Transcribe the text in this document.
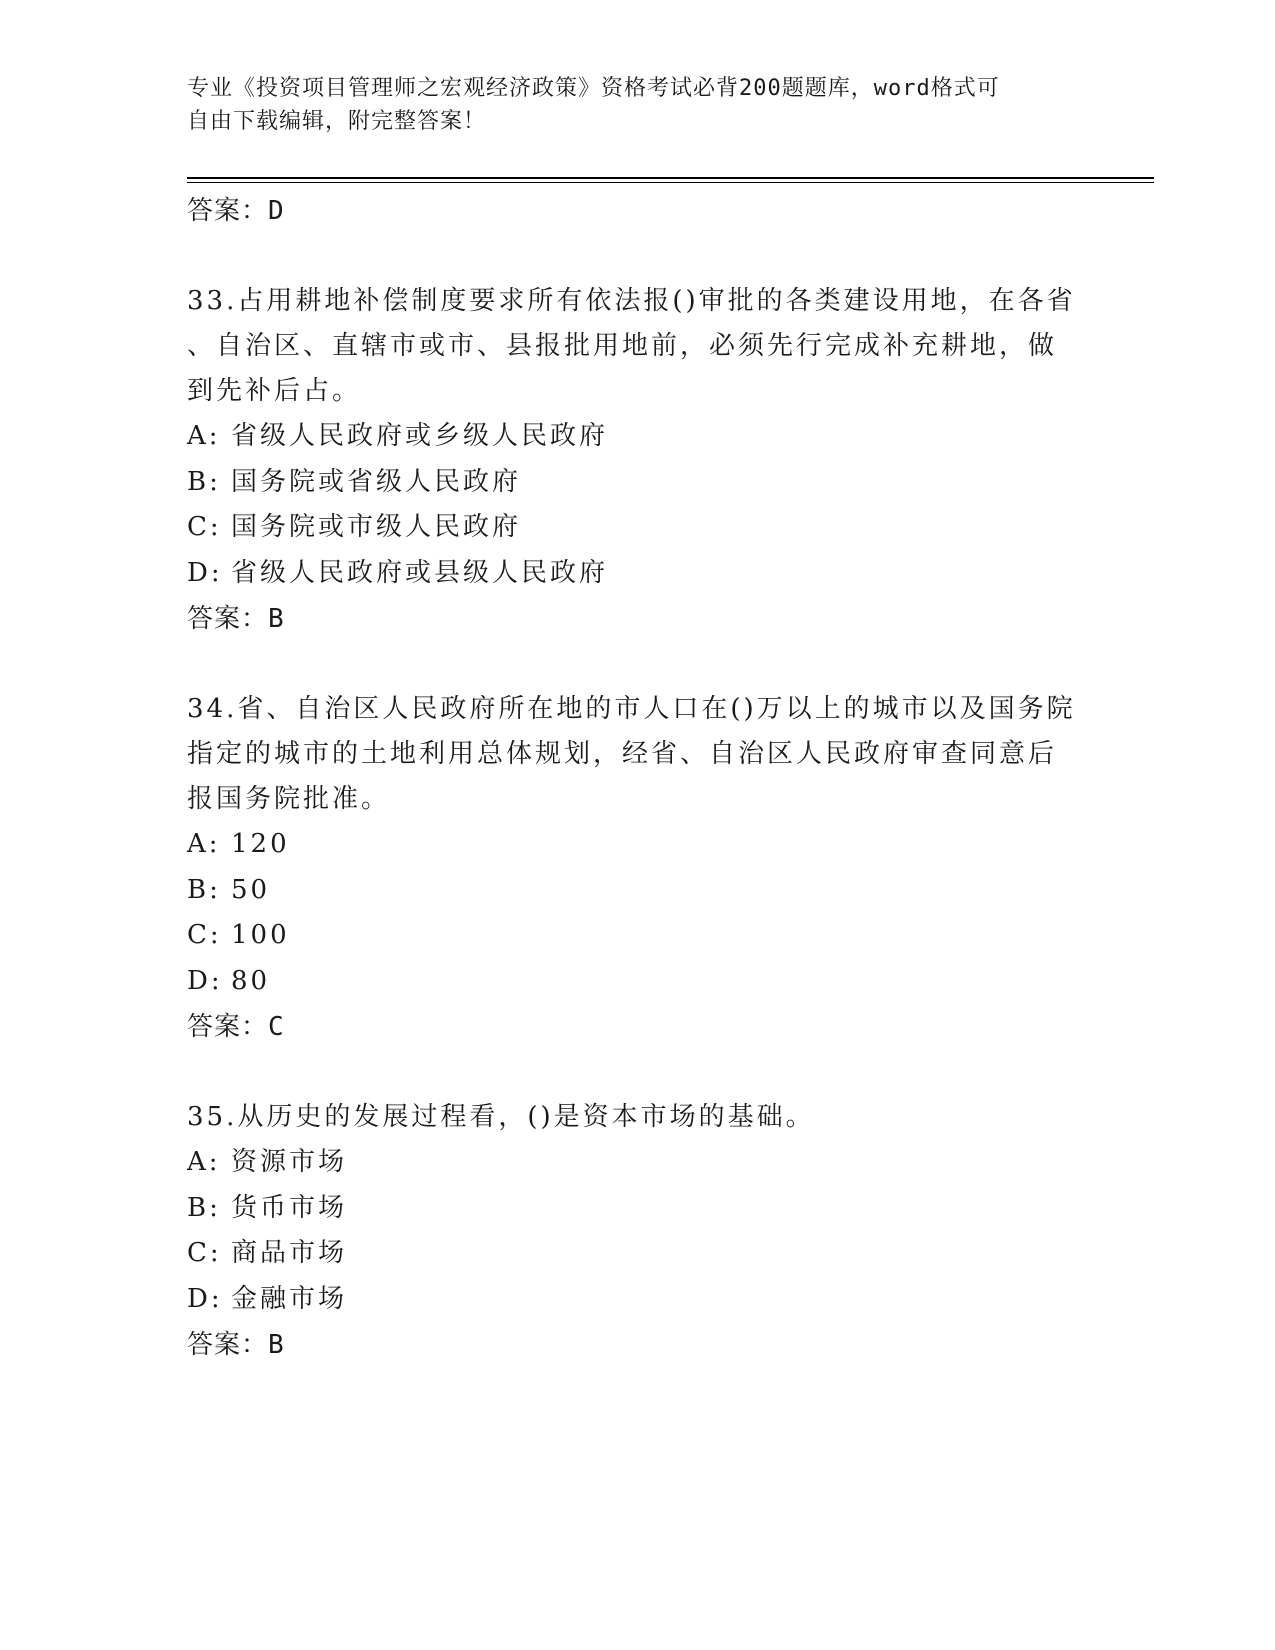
专业《投资项目管理师之宏观经济政策》资格考试必背200题题库，word格式可
自由下载编辑，附完整答案！
答案：D
33.占用耕地补偿制度要求所有依法报()审批的各类建设用地，在各省
、自治区、直辖市或市、县报批用地前，必须先行完成补充耕地，做
到先补后占。
A: 省级人民政府或乡级人民政府
B: 国务院或省级人民政府
C: 国务院或市级人民政府
D: 省级人民政府或县级人民政府
答案：B
34.省、自治区人民政府所在地的市人口在()万以上的城市以及国务院
指定的城市的土地利用总体规划，经省、自治区人民政府审查同意后
报国务院批准。
A: 120
B: 50
C: 100
D: 80
答案：C
35.从历史的发展过程看，()是资本市场的基础。
A: 资源市场
B: 货币市场
C: 商品市场
D: 金融市场
答案：B
